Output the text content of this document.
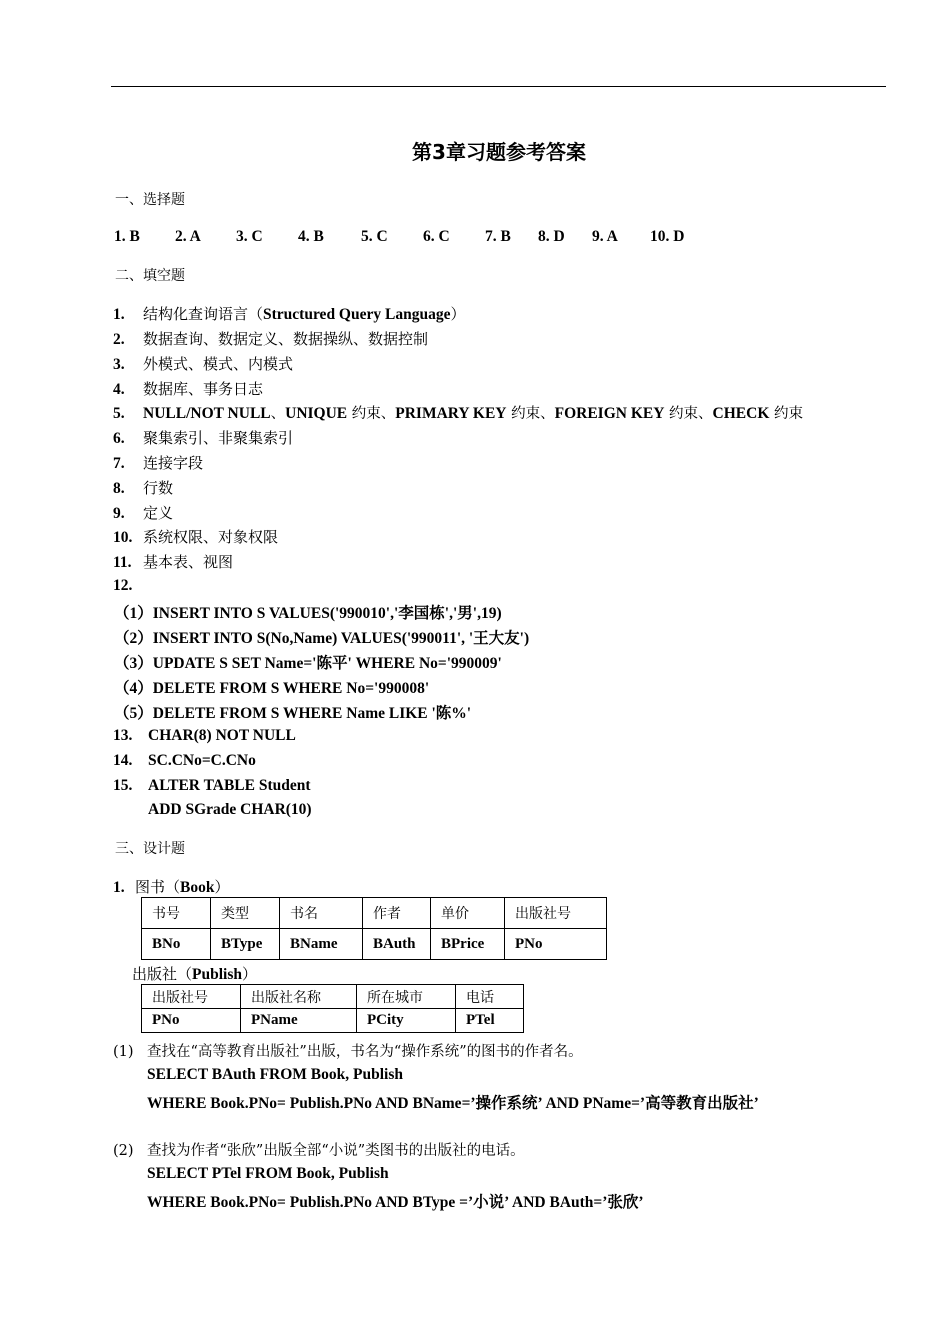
第3章习题参考答案
一、选择题
1. B 2. A 3. C 4. B 5. C 6. C 7. B 8. D 9. A 10. D
二、填空题
1. 结构化查询语言（Structured Query Language）
2. 数据查询、数据定义、数据操纵、数据控制
3. 外模式、模式、内模式
4. 数据库、事务日志
5. NULL/NOT NULL、UNIQUE 约束、PRIMARY KEY 约束、FOREIGN KEY 约束、CHECK 约束
6. 聚集索引、非聚集索引
7. 连接字段
8. 行数
9. 定义
10. 系统权限、对象权限
11. 基本表、视图
12.
（1）INSERT INTO S VALUES('990010','李国栋','男',19)
（2）INSERT INTO S(No,Name) VALUES('990011', '王大友')
（3）UPDATE S SET Name='陈平' WHERE No='990009'
（4）DELETE FROM S WHERE No='990008'
（5）DELETE FROM S WHERE Name LIKE '陈%'
13. CHAR(8) NOT NULL
14. SC.CNo=C.CNo
15. ALTER TABLE Student
ADD SGrade CHAR(10)
三、设计题
1. 图书（Book）
书号	类型	书名	作者	单价	出版社号
BNo	BType	BName	BAuth	BPrice	PNo
出版社（Publish）
出版社号	出版社名称	所在城市	电话
PNo	PName	PCity	PTel
(1) 查找在“高等教育出版社”出版，书名为“操作系统”的图书的作者名。
SELECT BAuth FROM Book, Publish
WHERE Book.PNo= Publish.PNo AND BName=’操作系统’ AND PName=’高等教育出版社’
(2) 查找为作者“张欣”出版全部“小说”类图书的出版社的电话。
SELECT PTel FROM Book, Publish
WHERE Book.PNo= Publish.PNo AND BType =’小说’ AND BAuth=’张欣’
